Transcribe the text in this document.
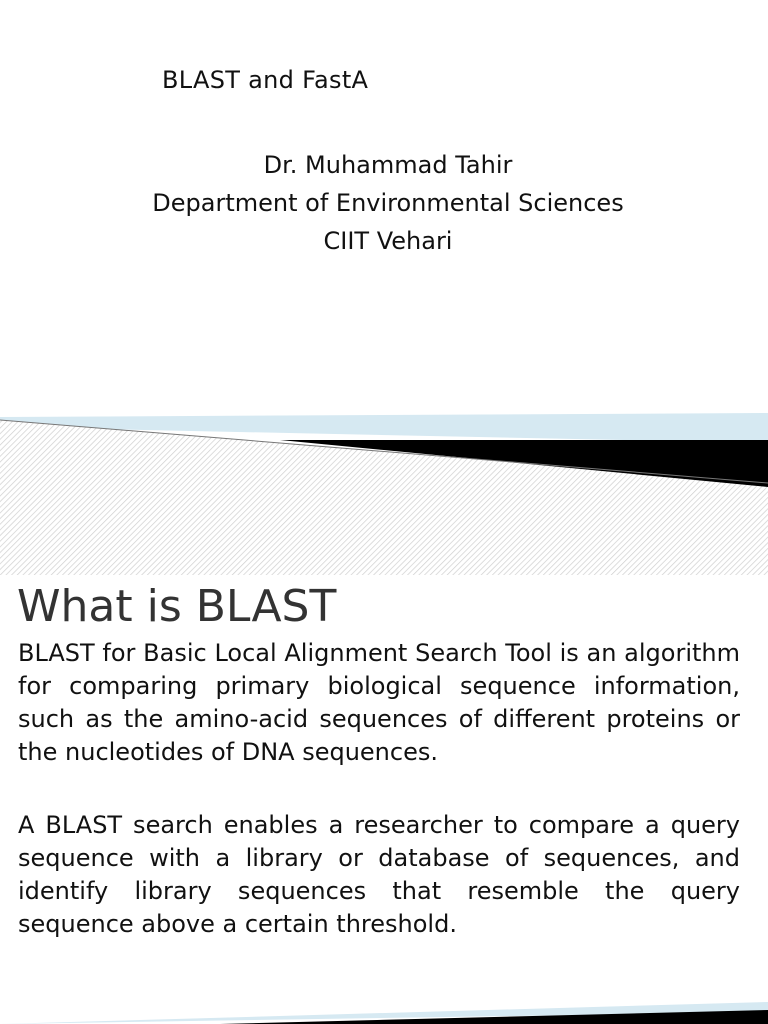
BLAST and FastA
Dr. Muhammad Tahir
Department of Environmental Sciences
CIIT Vehari
What is BLAST

BLAST for Basic Local Alignment Search Tool is an algorithm for comparing primary biological sequence information, such as the amino-acid sequences of different proteins or the nucleotides of DNA sequences.

A BLAST search enables a researcher to compare a query sequence with a library or database of sequences, and identify library sequences that resemble the query sequence above a certain threshold.
